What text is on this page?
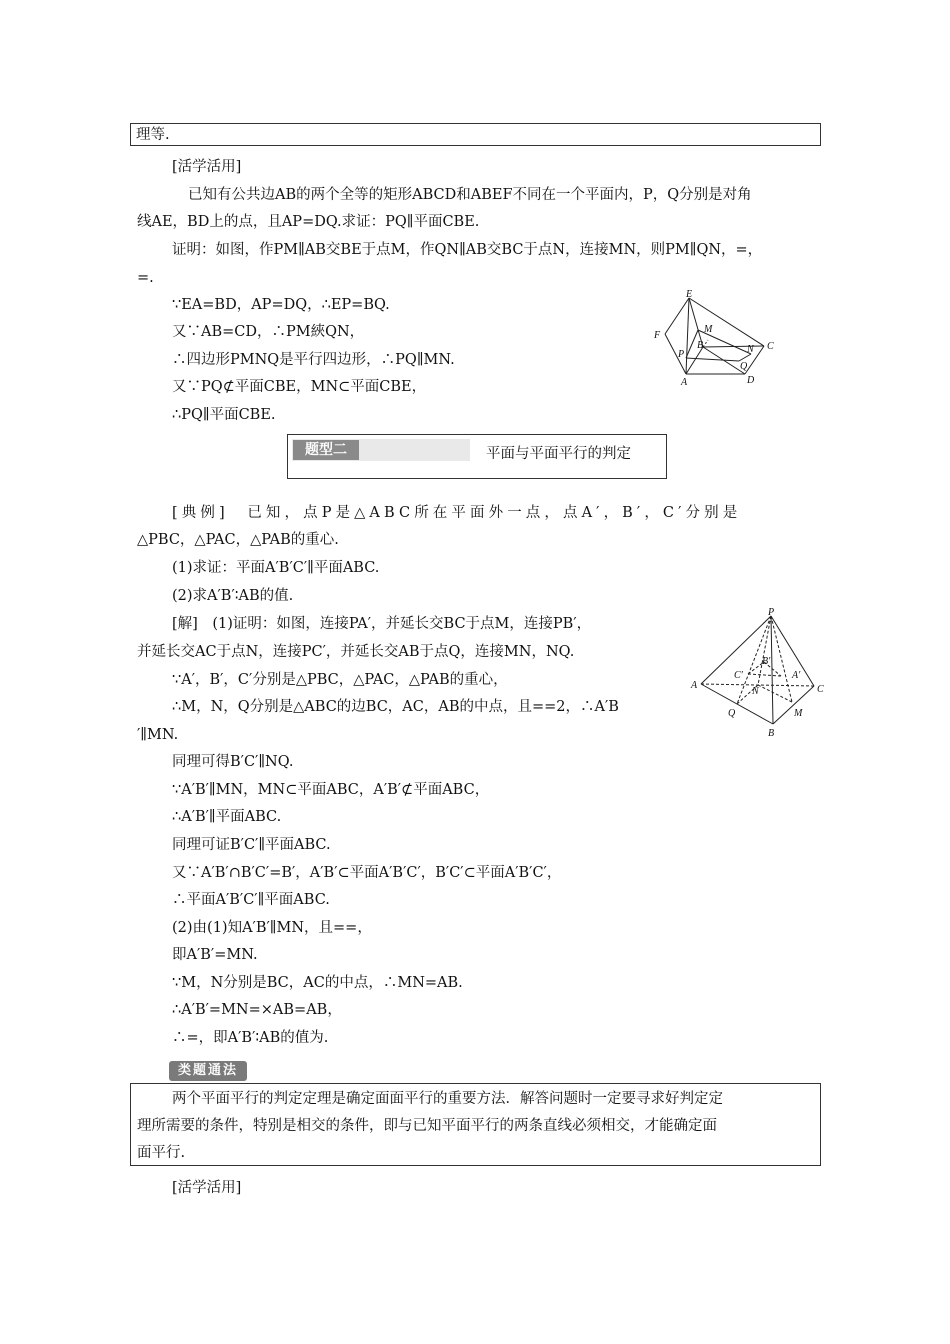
理等.
[活学活用]
已知有公共边AB的两个全等的矩形ABCD和ABEF不同在一个平面内，P，Q分别是对角
线AE，BD上的点，且AP=DQ.求证：PQ∥平面CBE.
证明：如图，作PM∥AB交BE于点M，作QN∥AB交BC于点N，连接MN，则PM∥QN，=，
=.
∵EA=BD，AP=DQ，∴EP=BQ.
又∵AB=CD，∴PM綊QN，
∴四边形PMNQ是平行四边形，∴PQ∥MN.
又∵PQ⊄平面CBE，MN⊂平面CBE，
∴PQ∥平面CBE.
E
F
M
B	N C
P
Q
A	D
题型二	平面与平面平行的判定
[典例]　已知，点P是△ABC所在平面外一点，点A′，B′，C′分别是
△PBC，△PAC，△PAB的重心.
(1)求证：平面A′B′C′∥平面ABC.
(2)求A′B′∶AB的值.
[解]　(1)证明：如图，连接PA′，并延长交BC于点M，连接PB′，
并延长交AC于点N，连接PC′，并延长交AB于点Q，连接MN，NQ.
∵A′，B′，C′分别是△PBC，△PAC，△PAB的重心，
∴M，N，Q分别是△ABC的边BC，AC，AB的中点，且==2，∴A′B
′∥MN.
同理可得B′C′∥NQ.
∵A′B′∥MN，MN⊂平面ABC，A′B′⊄平面ABC，
∴A′B′∥平面ABC.
同理可证B′C′∥平面ABC.
又∵A′B′∩B′C′=B′，A′B′⊂平面A′B′C′，B′C′⊂平面A′B′C′，
∴平面A′B′C′∥平面ABC.
(2)由(1)知A′B′∥MN，且==，
即A′B′=MN.
∵M，N分别是BC，AC的中点，∴MN=AB.
∴A′B′=MN=×AB=AB，
∴=，即A′B′∶AB的值为.
P
B′
C′	A′
A
N	C
Q	M
B
类题通法
两个平面平行的判定定理是确定面面平行的重要方法．解答问题时一定要寻求好判定定
理所需要的条件，特别是相交的条件，即与已知平面平行的两条直线必须相交，才能确定面
面平行.
[活学活用]
